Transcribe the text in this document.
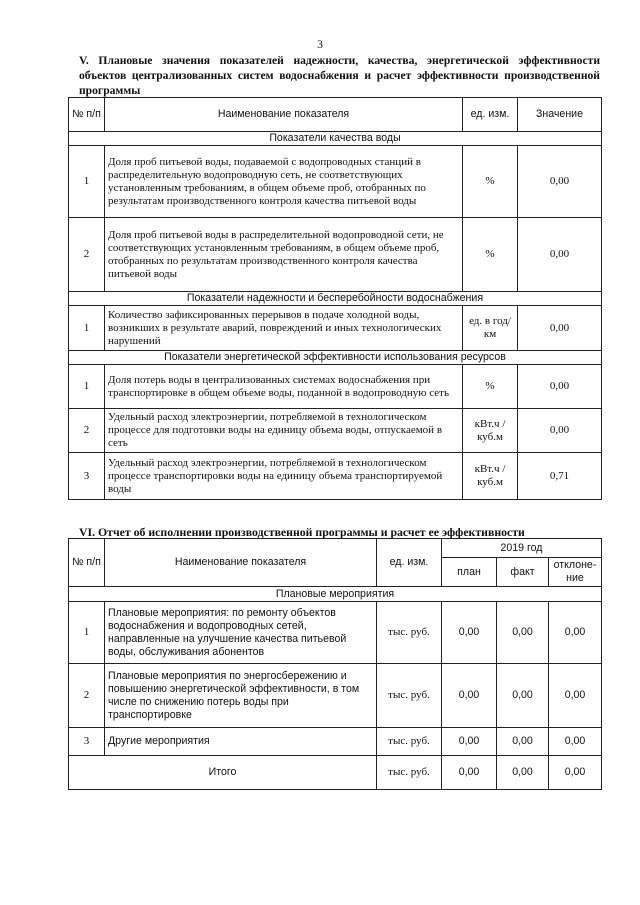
3
V. Плановые значения показателей надежности, качества, энергетической эффективности объектов централизованных систем водоснабжения и расчет эффективности производственной программы
№ п/п	Наименование показателя	ед. изм.	Значение
Показатели качества воды			
1	Доля проб питьевой воды, подаваемой с водопроводных станций в распределительную водопроводную сеть, не соответствующих установленным требованиям, в общем объеме проб, отобранных по результатам производственного контроля качества питьевой воды	%	0,00
2	Доля проб питьевой воды в распределительной водопроводной сети, не соответствующих установленным требованиям, в общем объеме проб, отобранных по результатам производственного контроля качества питьевой воды	%	0,00
Показатели надежности и бесперебойности водоснабжения			
1	Количество зафиксированных перерывов в подаче холодной воды, возникших в результате аварий, повреждений и иных технологических нарушений	ед. в год/ км	0,00
Показатели энергетической эффективности использования ресурсов			
1	Доля потерь воды в централизованных системах водоснабжения при транспортировке в общем объеме воды, поданной в водопроводную сеть	%	0,00
2	Удельный расход электроэнергии, потребляемой в технологическом процессе для подготовки воды на единицу объема воды, отпускаемой в сеть	кВт.ч / куб.м	0,00
3	Удельный расход электроэнергии, потребляемой в технологическом процессе транспортировки воды на единицу объема транспортируемой воды	кВт.ч / куб.м	0,71
VI. Отчет об исполнении производственной программы и расчет ее эффективности
№ п/п	Наименование показателя	ед. изм.	2019 год		
			план	факт	отклоне-ние
Плановые мероприятия					
1	Плановые мероприятия: по ремонту объектов водоснабжения и водопроводных сетей, направленные на улучшение качества питьевой воды, обслуживания абонентов	тыс. руб.	0,00	0,00	0,00
2	Плановые мероприятия по энергосбережению и повышению энергетической эффективности, в том числе по снижению потерь воды при транспортировке	тыс. руб.	0,00	0,00	0,00
3	Другие мероприятия	тыс. руб.	0,00	0,00	0,00
Итого		тыс. руб.	0,00	0,00	0,00
